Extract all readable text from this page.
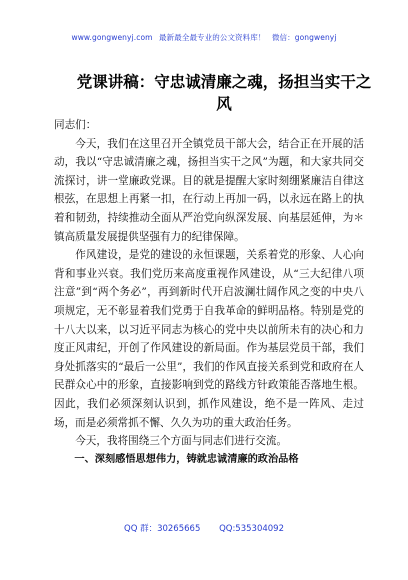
www.gongwenyj.com 最新最全最专业的公文资料库！ 微信：gongwenyj
党课讲稿：守忠诚清廉之魂，扬担当实干之风

同志们：

今天，我们在这里召开全镇党员干部大会，结合正在开展的活动，我以“守忠诚清廉之魂，扬担当实干之风”为题，和大家共同交流探讨，讲一堂廉政党课。目的就是提醒大家时刻绷紧廉洁自律这根弦，在思想上再紧一扣，在行动上再加一码，以永远在路上的执着和韧劲，持续推动全面从严治党向纵深发展、向基层延伸，为＊镇高质量发展提供坚强有力的纪律保障。

作风建设，是党的建设的永恒课题，关系着党的形象、人心向背和事业兴衰。我们党历来高度重视作风建设，从“三大纪律八项注意”到“两个务必”，再到新时代开启波澜壮阔作风之变的中央八项规定，无不彰显着我们党勇于自我革命的鲜明品格。特别是党的十八大以来，以习近平同志为核心的党中央以前所未有的决心和力度正风肃纪，开创了作风建设的新局面。作为基层党员干部，我们身处抓落实的“最后一公里”，我们的作风直接关系到党和政府在人民群众心中的形象，直接影响到党的路线方针政策能否落地生根。因此，我们必须深刻认识到，抓作风建设，绝不是一阵风、走过场，而是必须常抓不懈、久久为功的重大政治任务。

今天，我将围绕三个方面与同志们进行交流。

一、深刻感悟思想伟力，铸就忠诚清廉的政治品格

QQ 群：30265665 QQ:535304092
